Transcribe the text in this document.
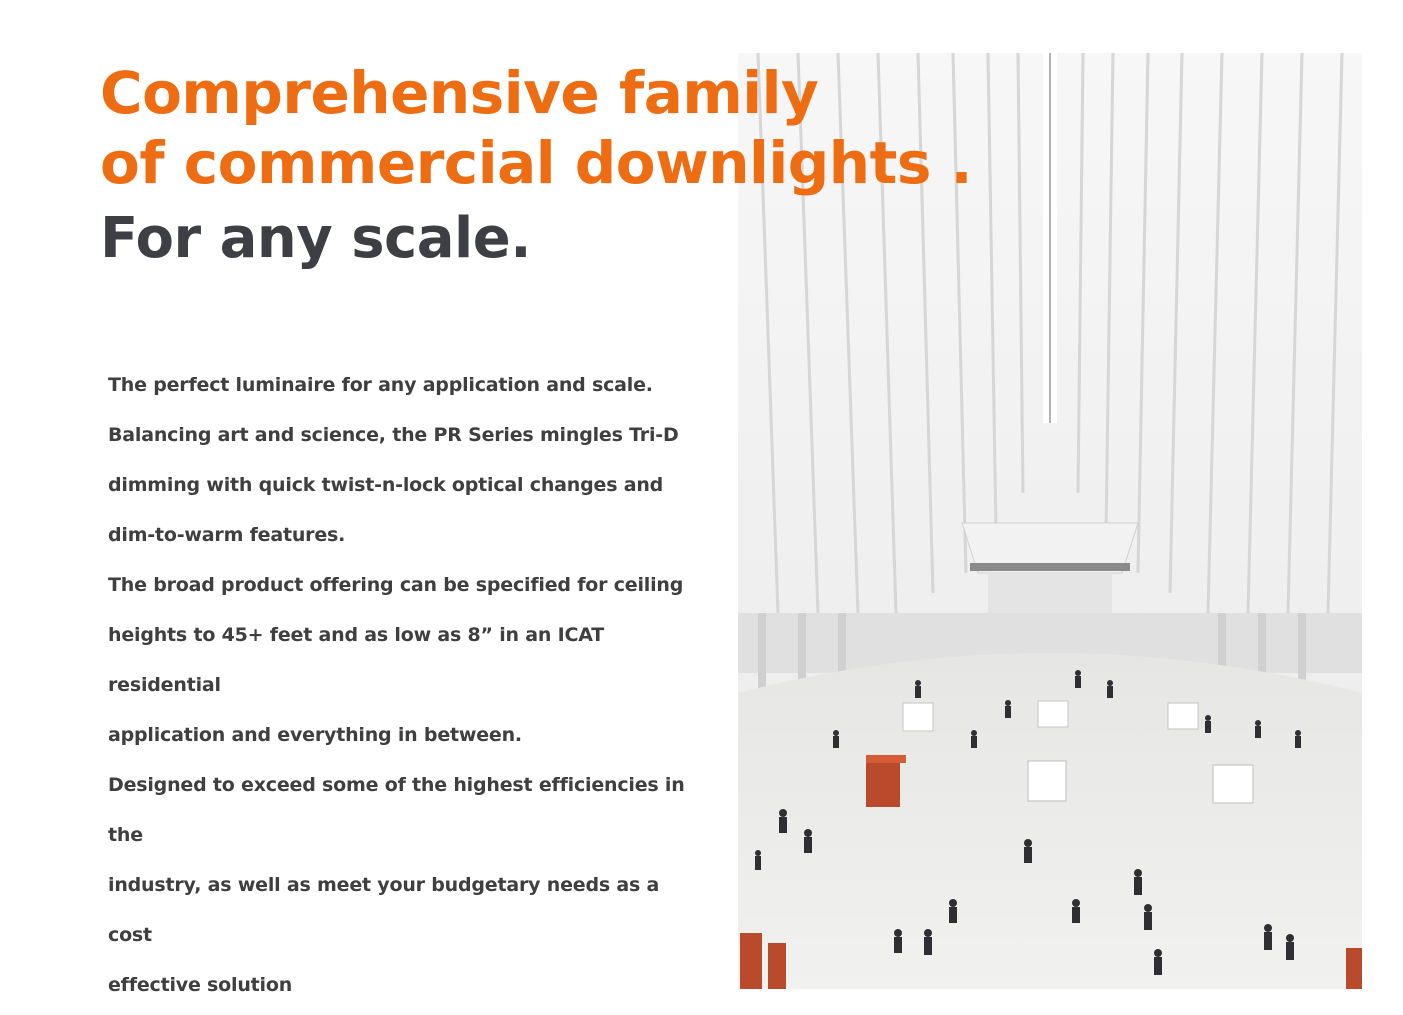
Comprehensive family
of commercial downlights .
For any scale.

The perfect luminaire for any application and scale.

Balancing art and science, the PR Series mingles Tri-D

dimming with quick twist-n-lock optical changes and

dim-to-warm features.

The broad product offering can be specified for ceiling

heights to 45+ feet and as low as 8” in an ICAT residential

application and everything in between.

Designed to exceed some of the highest efficiencies in the

industry, as well as meet your budgetary needs as a cost

effective solution
